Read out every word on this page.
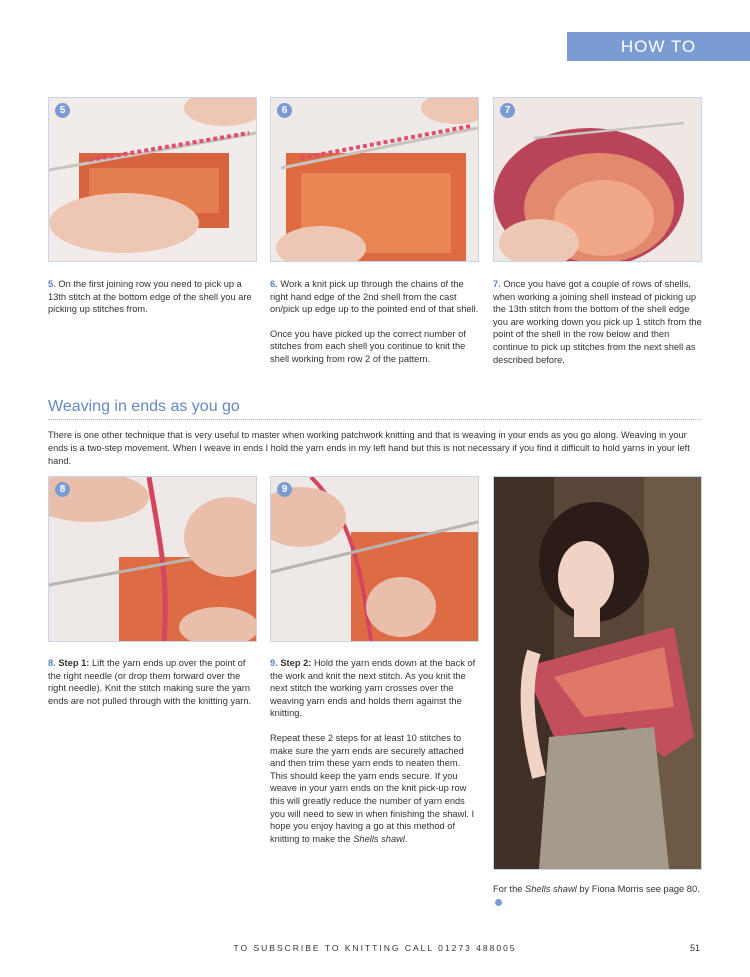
HOW TO
5	6	7

5. On the first joining row you need to pick up a 13th stitch at the bottom edge of the shell you are picking up stitches from.

6. Work a knit pick up through the chains of the right hand edge of the 2nd shell from the cast on/pick up edge up to the pointed end of that shell.

Once you have picked up the correct number of stitches from each shell you continue to knit the shell working from row 2 of the pattern.

7. Once you have got a couple of rows of shells, when working a joining shell instead of picking up the 13th stitch from the bottom of the shell edge you are working down you pick up 1 stitch from the point of the shell in the row below and then continue to pick up stitches from the next shell as described before.

Weaving in ends as you go
There is one other technique that is very useful to master when working patchwork knitting and that is weaving in your ends as you go along. Weaving in your ends is a two-step movement. When I weave in ends I hold the yarn ends in my left hand but this is not necessary if you find it difficult to hold yarns in your left hand.
8	9

8. Step 1: Lift the yarn ends up over the point of the right needle (or drop them forward over the right needle). Knit the stitch making sure the yarn ends are not pulled through with the knitting yarn.

9. Step 2: Hold the yarn ends down at the back of the work and knit the next stitch. As you knit the next stitch the working yarn crosses over the weaving yarn ends and holds them against the knitting.

Repeat these 2 steps for at least 10 stitches to make sure the yarn ends are securely attached and then trim these yarn ends to neaten them. This should keep the yarn ends secure. If you weave in your yarn ends on the knit pick-up row this will greatly reduce the number of yarn ends you will need to sew in when finishing the shawl. I hope you enjoy having a go at this method of knitting to make the Shells shawl.

For the Shells shawl by Fiona Morris see page 80.
TO SUBSCRIBE TO KNITTING CALL 01273 488005	51
